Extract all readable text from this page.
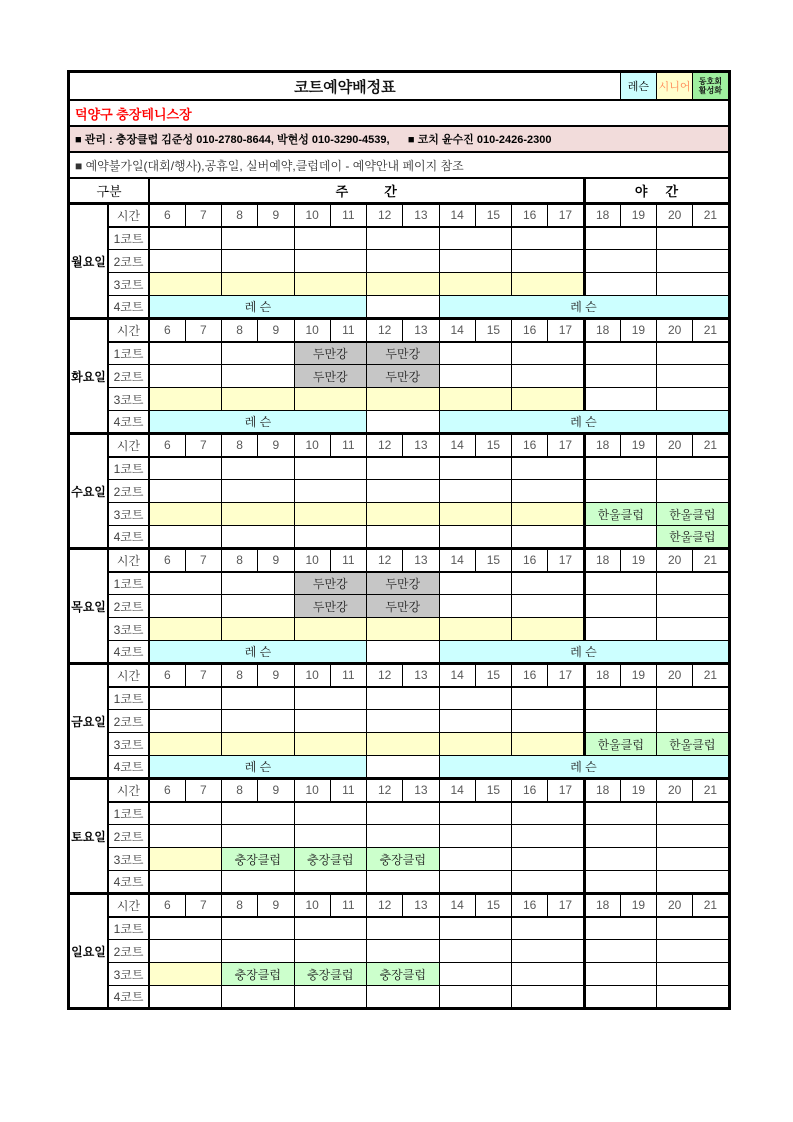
코트예약배정표															레슨	시니어	동호회
활성화

덕양구 충장테니스장																	
■ 관리 : 충장클럽 김준성 010-2780-8644, 박현성 010-3290-4539,      ■ 코치 윤수진 010-2426-2300																	
■ 예약불가일(대회/행사),공휴일, 실버예약,클럽데이 - 예약안내 페이지 참조																	
구분		주          간												야     간			
월요일	시간	6	7	8	9	10	11	12	13	14	15	16	17	18	19	20	21
	1코트																
	2코트																
	3코트																
	4코트	레 슨								레 슨							
화요일	시간	6	7	8	9	10	11	12	13	14	15	16	17	18	19	20	21
	1코트					두만강		두만강									
	2코트					두만강		두만강									
	3코트																
	4코트	레 슨								레 슨							
수요일	시간	6	7	8	9	10	11	12	13	14	15	16	17	18	19	20	21
	1코트																
	2코트																
	3코트													한울클럽		한울클럽	
	4코트															한울클럽	
목요일	시간	6	7	8	9	10	11	12	13	14	15	16	17	18	19	20	21
	1코트					두만강		두만강									
	2코트					두만강		두만강									
	3코트																
	4코트	레 슨								레 슨							
금요일	시간	6	7	8	9	10	11	12	13	14	15	16	17	18	19	20	21
	1코트																
	2코트																
	3코트													한울클럽		한울클럽	
	4코트	레 슨								레 슨							
토요일	시간	6	7	8	9	10	11	12	13	14	15	16	17	18	19	20	21
	1코트																
	2코트																
	3코트			충장클럽		충장클럽		충장클럽									
	4코트																
일요일	시간	6	7	8	9	10	11	12	13	14	15	16	17	18	19	20	21
	1코트																
	2코트																
	3코트			충장클럽		충장클럽		충장클럽									
	4코트																
